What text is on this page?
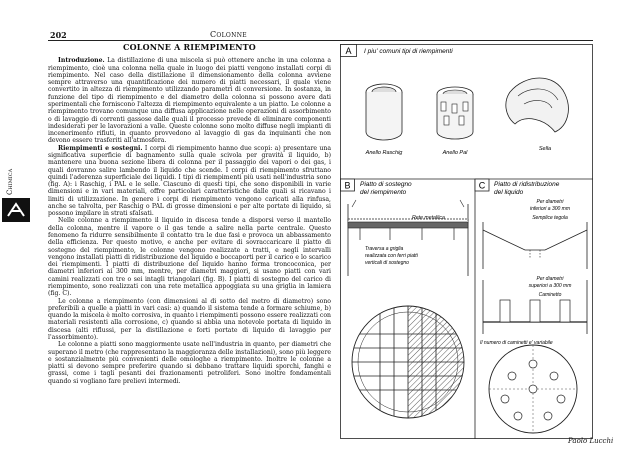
202	Colonne
Chimica
COLONNE A RIEMPIMENTO

Introduzione. La distillazione di una miscela si può ottenere anche in una colonna a riempimento, cioè una colonna nella quale in luogo dei piatti vengono installati corpi di riempimento. Nel caso della distillazione il dimensionamento della colonna avviene sempre attraverso una quantificazione dei numero di piatti necessari, il quale viene convertito in altezza di riempimento utilizzando parametri di conversione. In sostanza, in funzione del tipo di riempimento e del diametro della colonna si possono avere dati sperimentali che forniscono l'altezza di riempimento equivalente a un piatto. Le colonne a riempimento trovano comunque una diffusa applicazione nelle operazioni di assorbimento o di lavaggio di correnti gassose dalle quali il processo prevede di eliminare componenti indesiderati per le lavorazioni a valle. Queste colonne sono molto diffuse negli impianti di incenerimento rifiuti, in quanto provvedono al lavaggio di gas da inquinanti che non devono essere trasferiti all'atmosfera.

Riempimenti e sostegni. I corpi di riempimento hanno due scopi: a) presentare una significativa superficie di bagnamento sulla quale scivola per gravità il liquido, b) mantenere una buona sezione libera di colonna per il passaggio dei vapori o dei gas, i quali dovranno salire lambendo il liquido che scende. I corpi di riempimento sfruttano quindi l'aderenza superficiale dei liquidi. I tipi di riempimenti più usati nell'industria sono (fig. A): i Raschig, i PAL e le selle. Ciascuno di questi tipi, che sono disponibili in varie dimensioni e in vari materiali, offre particolari caratteristiche dalle quali si ricavano i limiti di utilizzazione. In genere i corpi di riempimento vengono caricati alla rinfusa, anche se talvolta, per Raschig o PAL di grosse dimensioni e per alte portate di liquido, si possono impilare in strati sfalsati.

Nelle colonne a riempimento il liquido in discesa tende a disporsi verso il mantello della colonna, mentre il vapore o il gas tende a salire nella parte centrale. Questo fenomeno fa ridurre sensibilmente il contatto tra le due fasi e provoca un abbassamento della efficienza. Per questo motivo, e anche per evitare di sovraccaricare il piatto di sostegno del riempimento, le colonne vengono realizzate a tratti, e negli intervalli vengono installati piatti di ridistribuzione del liquido e boccaporti per il carico e lo scarico dei riempimenti. I piatti di distribuzione del liquido hanno forma troncoconica, per diametri inferiori ai 300 mm, mentre, per diametri maggiori, si usano piatti con vari camini realizzati con tre o sei intagli triangolari (fig. B). I piatti di sostegno del carico di riempimento, sono realizzati con una rete metallica appoggiata su una griglia in lamiera (fig. C).

Le colonne a riempimento (con dimensioni al di sotto del metro di diametro) sono preferibili a quelle a piatti in vari casi: a) quando il sistema tende a formare schiume, b) quando la miscela è molto corrosiva, in quanto i riempimenti possono essere realizzati con materiali resistenti alla corrosione, c) quando si abbia una notevole portata di liquido in discesa (alti riflussi, per la distillazione e forti portate di liquido di lavaggio per l'assorbimento).

Le colonne a piatti sono maggiormente usate nell'industria in quanto, per diametri che superano il metro (che rappresentano la maggioranza delle installazioni), sono più leggere e sostanzialmente più convenienti delle omologhe a riempimento. Inoltre le colonne a piatti si devono sempre preferire quando si debbano trattare liquidi sporchi, fanghi e grassi, come i tagli pesanti dei frazionamenti petroliferi. Sono inoltre fondamentali quando si vogliano fare prelievi intermedi.

A I piu' comuni tipi di riempimenti
Anello Raschig	Anello Pal
Sella
B Piatto di sostegno
del riempimento
Rete metallica
Traversa a griglia
realizzata con ferri piatti
verticali di sostegno
C Piatto di ridistribuzione
del liquido
Per diametri
inferiori a 300 mm
Semplice tegola
Per diametri
superiori a 300 mm
Caminetto
Il numero di caminetti e' variabile
Paolo Lucchi
